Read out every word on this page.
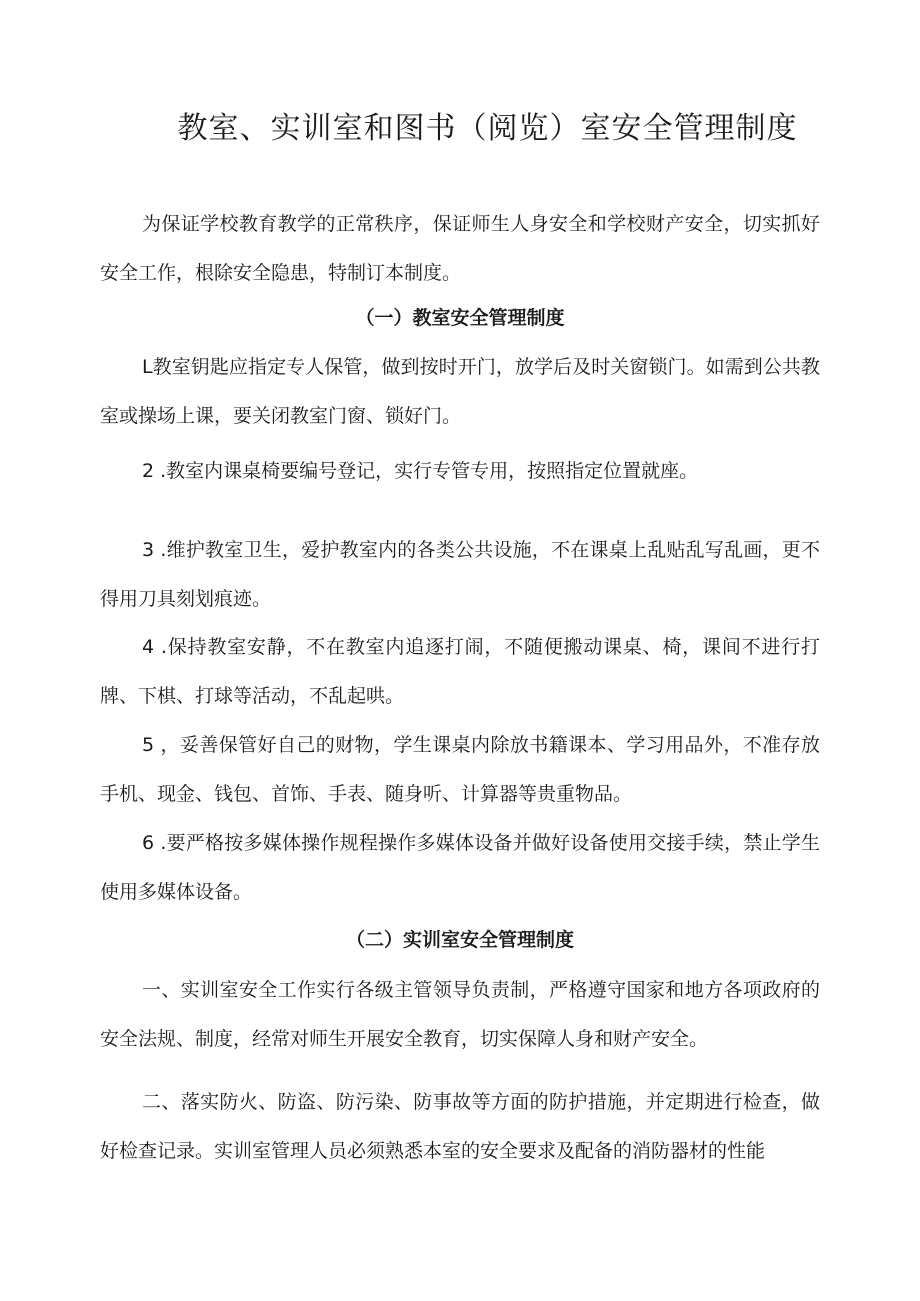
教室、实训室和图书（阅览）室安全管理制度

为保证学校教育教学的正常秩序，保证师生人身安全和学校财产安全，切实抓好安全工作，根除安全隐患，特制订本制度。

（一）教室安全管理制度

L教室钥匙应指定专人保管，做到按时开门，放学后及时关窗锁门。如需到公共教室或操场上课，要关闭教室门窗、锁好门。

2 .教室内课桌椅要编号登记，实行专管专用，按照指定位置就座。

3 .维护教室卫生，爱护教室内的各类公共设施，不在课桌上乱贴乱写乱画，更不得用刀具刻划痕迹。

4 .保持教室安静，不在教室内追逐打闹，不随便搬动课桌、椅，课间不进行打牌、下棋、打球等活动，不乱起哄。

5 ，妥善保管好自己的财物，学生课桌内除放书籍课本、学习用品外，不准存放手机、现金、钱包、首饰、手表、随身听、计算器等贵重物品。

6 .要严格按多媒体操作规程操作多媒体设备并做好设备使用交接手续，禁止学生使用多媒体设备。

（二）实训室安全管理制度

一、实训室安全工作实行各级主管领导负责制，严格遵守国家和地方各项政府的安全法规、制度，经常对师生开展安全教育，切实保障人身和财产安全。

二、落实防火、防盗、防污染、防事故等方面的防护措施，并定期进行检查，做好检查记录。实训室管理人员必须熟悉本室的安全要求及配备的消防器材的性能
